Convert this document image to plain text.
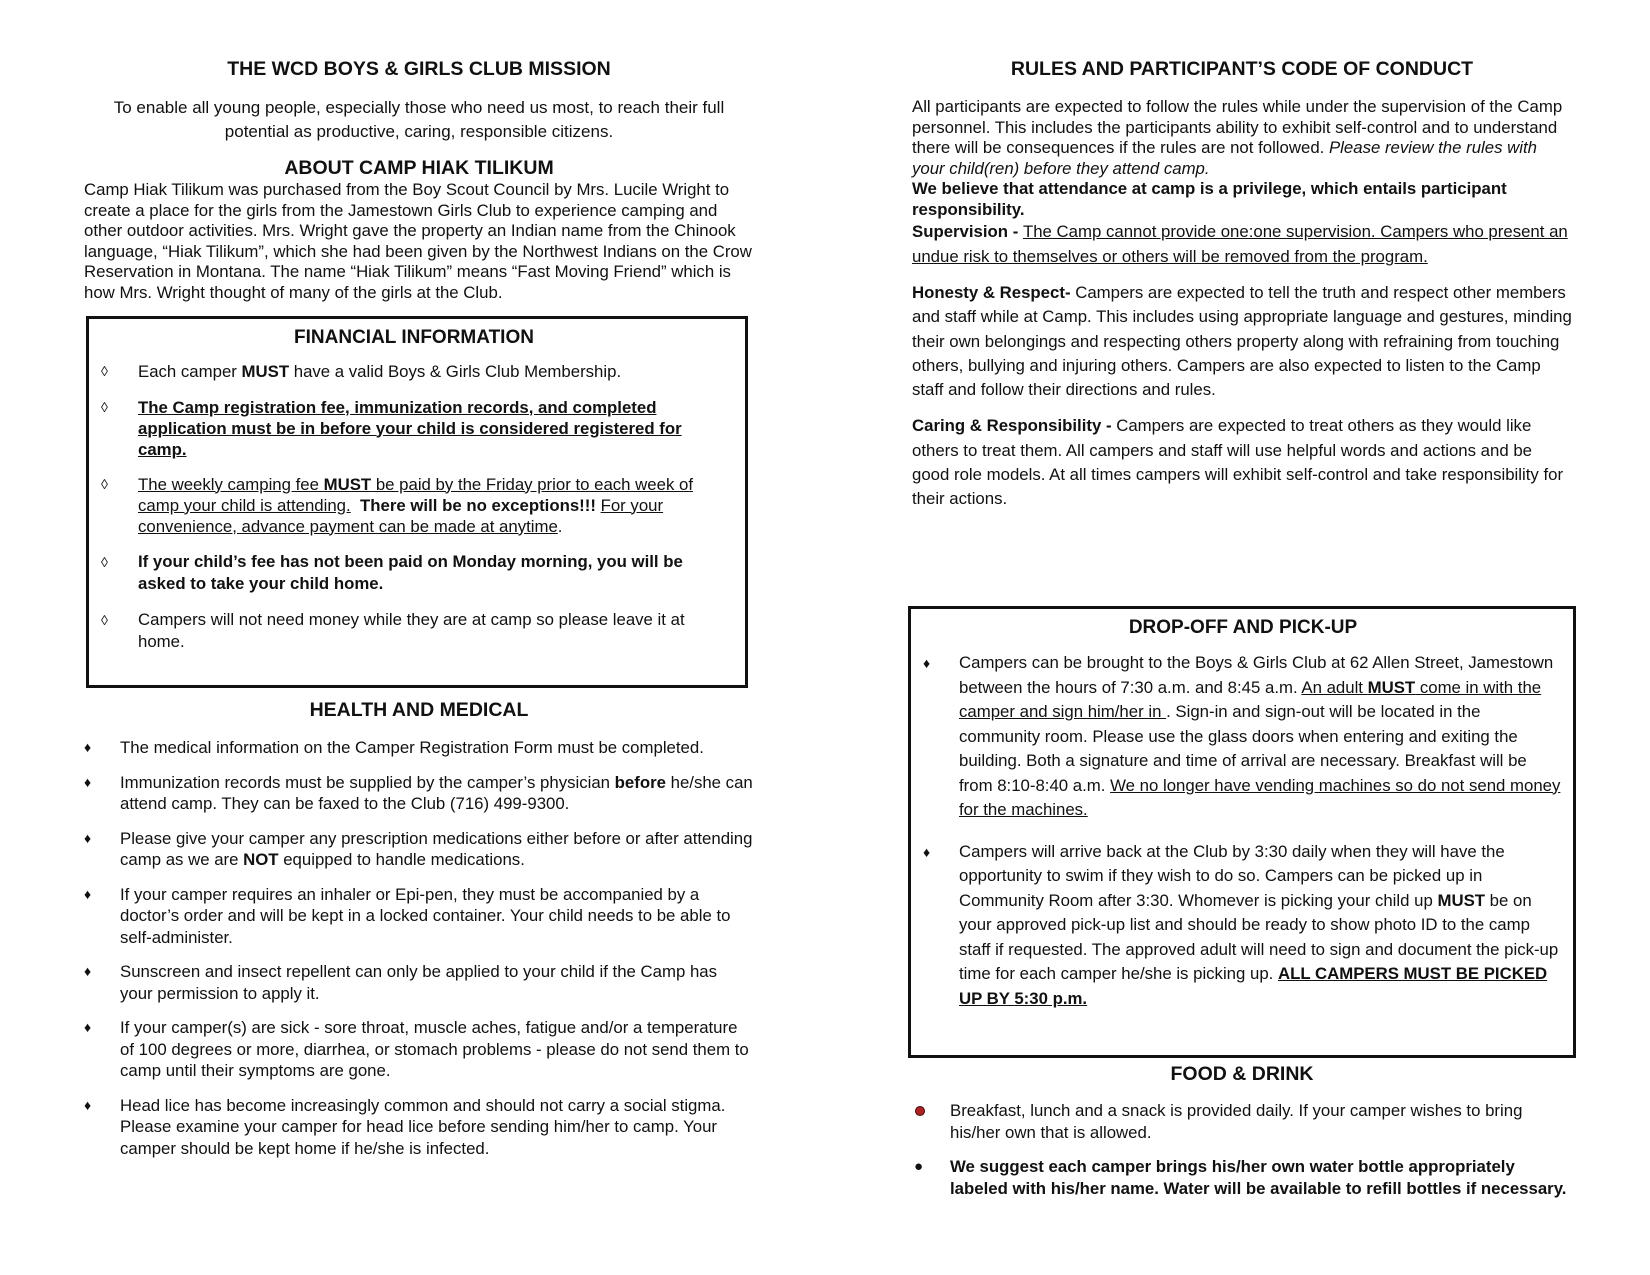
THE WCD BOYS & GIRLS CLUB MISSION

To enable all young people, especially those who need us most, to reach their full potential as productive, caring, responsible citizens.

ABOUT CAMP HIAK TILIKUM

Camp Hiak Tilikum was purchased from the Boy Scout Council by Mrs. Lucile Wright to create a place for the girls from the Jamestown Girls Club to experience camping and other outdoor activities. Mrs. Wright gave the property an Indian name from the Chinook language, “Hiak Tilikum”, which she had been given by the Northwest Indians on the Crow Reservation in Montana. The name “Hiak Tilikum” means “Fast Moving Friend” which is how Mrs. Wright thought of many of the girls at the Club.

FINANCIAL INFORMATION
◊ Each camper MUST have a valid Boys & Girls Club Membership.
◊ The Camp registration fee, immunization records, and completed application must be in before your child is considered registered for camp.
◊ The weekly camping fee MUST be paid by the Friday prior to each week of camp your child is attending. There will be no exceptions!!! For your convenience, advance payment can be made at anytime.
◊ If your child’s fee has not been paid on Monday morning, you will be asked to take your child home.
◊ Campers will not need money while they are at camp so please leave it at home.
HEALTH AND MEDICAL
♦ The medical information on the Camper Registration Form must be completed.
♦ Immunization records must be supplied by the camper’s physician before he/she can attend camp. They can be faxed to the Club (716) 499-9300.
♦ Please give your camper any prescription medications either before or after attending camp as we are NOT equipped to handle medications.
♦ If your camper requires an inhaler or Epi-pen, they must be accompanied by a doctor’s order and will be kept in a locked container. Your child needs to be able to self-administer.
♦ Sunscreen and insect repellent can only be applied to your child if the Camp has your permission to apply it.
♦ If your camper(s) are sick - sore throat, muscle aches, fatigue and/or a temperature of 100 degrees or more, diarrhea, or stomach problems - please do not send them to camp until their symptoms are gone.
♦ Head lice has become increasingly common and should not carry a social stigma. Please examine your camper for head lice before sending him/her to camp. Your camper should be kept home if he/she is infected.
RULES AND PARTICIPANT’S CODE OF CONDUCT

All participants are expected to follow the rules while under the supervision of the Camp personnel. This includes the participants ability to exhibit self-control and to understand there will be consequences if the rules are not followed. Please review the rules with your child(ren) before they attend camp.

We believe that attendance at camp is a privilege, which entails participant responsibility.

Supervision - The Camp cannot provide one:one supervision. Campers who present an undue risk to themselves or others will be removed from the program.

Honesty & Respect- Campers are expected to tell the truth and respect other members and staff while at Camp. This includes using appropriate language and gestures, minding their own belongings and respecting others property along with refraining from touching others, bullying and injuring others. Campers are also expected to listen to the Camp staff and follow their directions and rules.

Caring & Responsibility - Campers are expected to treat others as they would like others to treat them. All campers and staff will use helpful words and actions and be good role models. At all times campers will exhibit self-control and take responsibility for their actions.

DROP-OFF AND PICK-UP
♦ Campers can be brought to the Boys & Girls Club at 62 Allen Street, Jamestown between the hours of 7:30 a.m. and 8:45 a.m. An adult MUST come in with the camper and sign him/her in . Sign-in and sign-out will be located in the community room. Please use the glass doors when entering and exiting the building. Both a signature and time of arrival are necessary. Breakfast will be from 8:10-8:40 a.m. We no longer have vending machines so do not send money for the machines.
♦ Campers will arrive back at the Club by 3:30 daily when they will have the opportunity to swim if they wish to do so. Campers can be picked up in Community Room after 3:30. Whomever is picking your child up MUST be on your approved pick-up list and should be ready to show photo ID to the camp staff if requested. The approved adult will need to sign and document the pick-up time for each camper he/she is picking up. ALL CAMPERS MUST BE PICKED UP BY 5:30 p.m.
FOOD & DRINK
Breakfast, lunch and a snack is provided daily. If your camper wishes to bring his/her own that is allowed.
● We suggest each camper brings his/her own water bottle appropriately labeled with his/her name. Water will be available to refill bottles if necessary.
